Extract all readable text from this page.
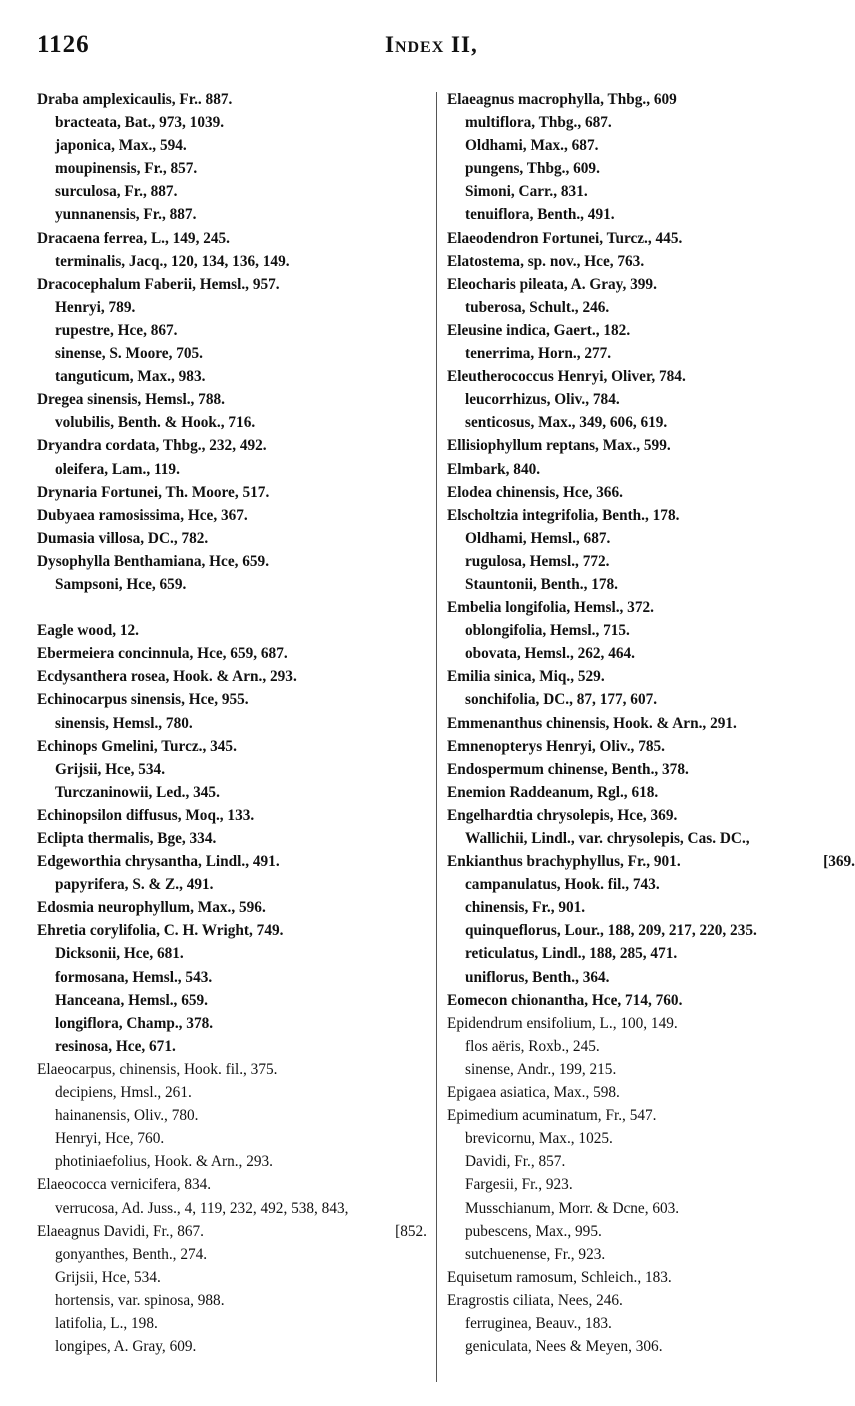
1126	Index II,
Draba amplexicaulis, Fr.. 887.
bracteata, Bat., 973, 1039.
japonica, Max., 594.
moupinensis, Fr., 857.
surculosa, Fr., 887.
yunnanensis, Fr., 887.
Dracaena ferrea, L., 149, 245.
terminalis, Jacq., 120, 134, 136, 149.
Dracocephalum Faberii, Hemsl., 957.
Henryi, 789.
rupestre, Hce, 867.
sinense, S. Moore, 705.
tanguticum, Max., 983.
Dregea sinensis, Hemsl., 788.
volubilis, Benth. & Hook., 716.
Dryandra cordata, Thbg., 232, 492.
oleifera, Lam., 119.
Drynaria Fortunei, Th. Moore, 517.
Dubyaea ramosissima, Hce, 367.
Dumasia villosa, DC., 782.
Dysophylla Benthamiana, Hce, 659.
Sampsoni, Hce, 659.
Eagle wood, 12.
Ebermeiera concinnula, Hce, 659, 687.
Ecdysanthera rosea, Hook. & Arn., 293.
Echinocarpus sinensis, Hce, 955.
sinensis, Hemsl., 780.
Echinops Gmelini, Turcz., 345.
Grijsii, Hce, 534.
Turczaninowii, Led., 345.
Echinopsilon diffusus, Moq., 133.
Eclipta thermalis, Bge, 334.
Edgeworthia chrysantha, Lindl., 491.
papyrifera, S. & Z., 491.
Edosmia neurophyllum, Max., 596.
Ehretia corylifolia, C. H. Wright, 749.
Dicksonii, Hce, 681.
formosana, Hemsl., 543.
Hanceana, Hemsl., 659.
longiflora, Champ., 378.
resinosa, Hce, 671.
Elaeocarpus, chinensis, Hook. fil., 375.
decipiens, Hmsl., 261.
hainanensis, Oliv., 780.
Henryi, Hce, 760.
photiniaefolius, Hook. & Arn., 293.
Elaeococca vernicifera, 834.
verrucosa, Ad. Juss., 4, 119, 232, 492, 538, 843,
Elaeagnus Davidi, Fr., 867.	[852.
gonyanthes, Benth., 274.
Grijsii, Hce, 534.
hortensis, var. spinosa, 988.
latifolia, L., 198.
longipes, A. Gray, 609.
Elaeagnus macrophylla, Thbg., 609
multiflora, Thbg., 687.
Oldhami, Max., 687.
pungens, Thbg., 609.
Simoni, Carr., 831.
tenuiflora, Benth., 491.
Elaeodendron Fortunei, Turcz., 445.
Elatostema, sp. nov., Hce, 763.
Eleocharis pileata, A. Gray, 399.
tuberosa, Schult., 246.
Eleusine indica, Gaert., 182.
tenerrima, Horn., 277.
Eleutherococcus Henryi, Oliver, 784.
leucorrhizus, Oliv., 784.
senticosus, Max., 349, 606, 619.
Ellisiophyllum reptans, Max., 599.
Elmbark, 840.
Elodea chinensis, Hce, 366.
Elscholtzia integrifolia, Benth., 178.
Oldhami, Hemsl., 687.
rugulosa, Hemsl., 772.
Stauntonii, Benth., 178.
Embelia longifolia, Hemsl., 372.
oblongifolia, Hemsl., 715.
obovata, Hemsl., 262, 464.
Emilia sinica, Miq., 529.
sonchifolia, DC., 87, 177, 607.
Emmenanthus chinensis, Hook. & Arn., 291.
Emnenopterys Henryi, Oliv., 785.
Endospermum chinense, Benth., 378.
Enemion Raddeanum, Rgl., 618.
Engelhardtia chrysolepis, Hce, 369.
Wallichii, Lindl., var. chrysolepis, Cas. DC.,
Enkianthus brachyphyllus, Fr., 901.	[369.
campanulatus, Hook. fil., 743.
chinensis, Fr., 901.
quinqueflorus, Lour., 188, 209, 217, 220, 235.
reticulatus, Lindl., 188, 285, 471.
uniflorus, Benth., 364.
Eomecon chionantha, Hce, 714, 760.
Epidendrum ensifolium, L., 100, 149.
flos aëris, Roxb., 245.
sinense, Andr., 199, 215.
Epigaea asiatica, Max., 598.
Epimedium acuminatum, Fr., 547.
brevicornu, Max., 1025.
Davidi, Fr., 857.
Fargesii, Fr., 923.
Musschianum, Morr. & Dcne, 603.
pubescens, Max., 995.
sutchuenense, Fr., 923.
Equisetum ramosum, Schleich., 183.
Eragrostis ciliata, Nees, 246.
ferruginea, Beauv., 183.
geniculata, Nees & Meyen, 306.
